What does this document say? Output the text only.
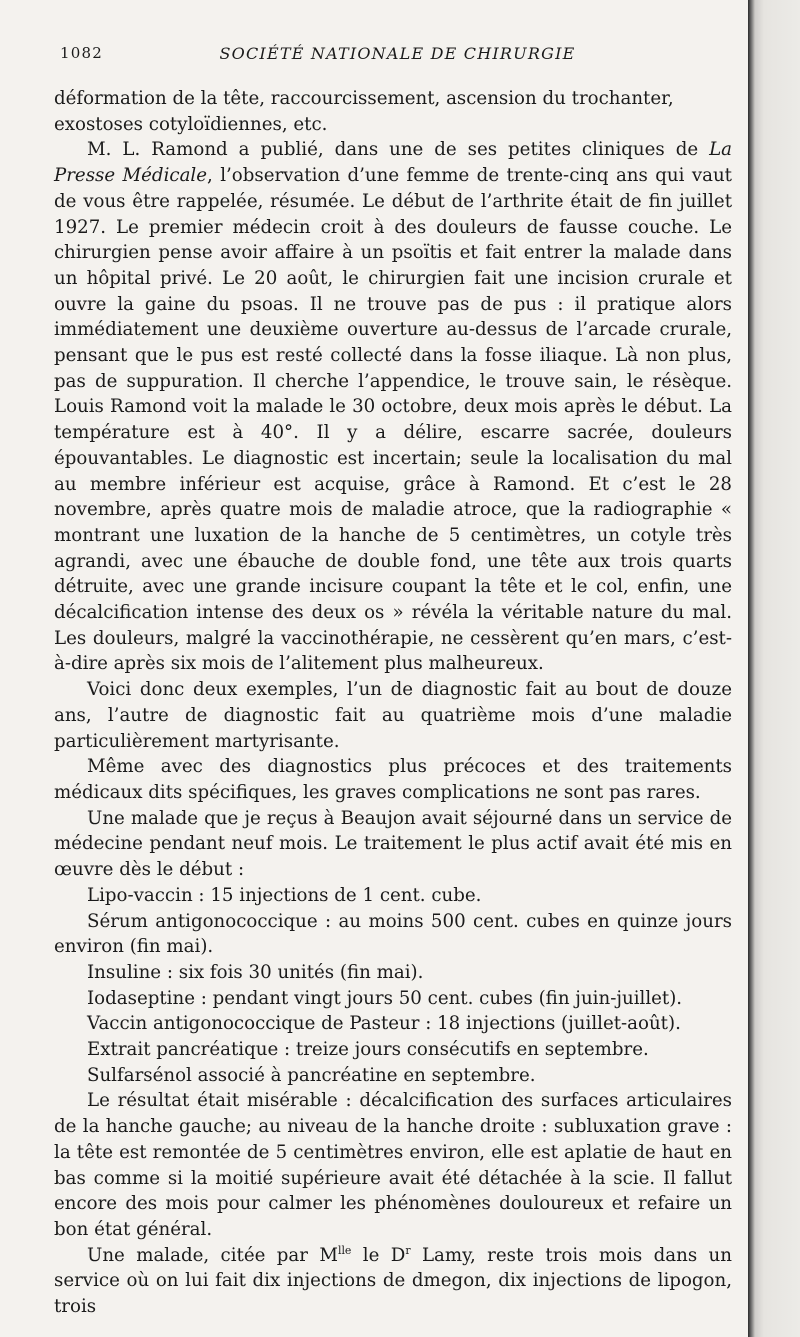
1082	SOCIÉTÉ NATIONALE DE CHIRURGIE

déformation de la tête, raccourcissement, ascension du trochanter, exostoses cotyloïdiennes, etc.

M. L. Ramond a publié, dans une de ses petites cliniques de La Presse Médicale, l’observation d’une femme de trente-cinq ans qui vaut de vous être rappelée, résumée. Le début de l’arthrite était de fin juillet 1927. Le premier médecin croit à des douleurs de fausse couche. Le chirurgien pense avoir affaire à un psoïtis et fait entrer la malade dans un hôpital privé. Le 20 août, le chirurgien fait une incision crurale et ouvre la gaine du psoas. Il ne trouve pas de pus : il pratique alors immédiatement une deuxième ouverture au-dessus de l’arcade crurale, pensant que le pus est resté collecté dans la fosse iliaque. Là non plus, pas de suppuration. Il cherche l’appendice, le trouve sain, le résèque. Louis Ramond voit la malade le 30 octobre, deux mois après le début. La température est à 40°. Il y a délire, escarre sacrée, douleurs épouvantables. Le diagnostic est incertain; seule la localisation du mal au membre inférieur est acquise, grâce à Ramond. Et c’est le 28 novembre, après quatre mois de maladie atroce, que la radiographie « montrant une luxation de la hanche de 5 centimètres, un cotyle très agrandi, avec une ébauche de double fond, une tête aux trois quarts détruite, avec une grande incisure coupant la tête et le col, enfin, une décalcification intense des deux os » révéla la véritable nature du mal. Les douleurs, malgré la vaccinothérapie, ne cessèrent qu’en mars, c’est-à-dire après six mois de l’alitement plus malheureux.

Voici donc deux exemples, l’un de diagnostic fait au bout de douze ans, l’autre de diagnostic fait au quatrième mois d’une maladie particulièrement martyrisante.

Même avec des diagnostics plus précoces et des traitements médicaux dits spécifiques, les graves complications ne sont pas rares.

Une malade que je reçus à Beaujon avait séjourné dans un service de médecine pendant neuf mois. Le traitement le plus actif avait été mis en œuvre dès le début :

Lipo-vaccin : 15 injections de 1 cent. cube.

Sérum antigonococcique : au moins 500 cent. cubes en quinze jours environ (fin mai).

Insuline : six fois 30 unités (fin mai).

Iodaseptine : pendant vingt jours 50 cent. cubes (fin juin-juillet).

Vaccin antigonococcique de Pasteur : 18 injections (juillet-août).

Extrait pancréatique : treize jours consécutifs en septembre.

Sulfarsénol associé à pancréatine en septembre.

Le résultat était misérable : décalcification des surfaces articulaires de la hanche gauche; au niveau de la hanche droite : subluxation grave : la tête est remontée de 5 centimètres environ, elle est aplatie de haut en bas comme si la moitié supérieure avait été détachée à la scie. Il fallut encore des mois pour calmer les phénomènes douloureux et refaire un bon état général.

Une malade, citée par $M^{lle}$ le $D^r$ Lamy, reste trois mois dans un service où on lui fait dix injections de dmegon, dix injections de lipogon, trois
